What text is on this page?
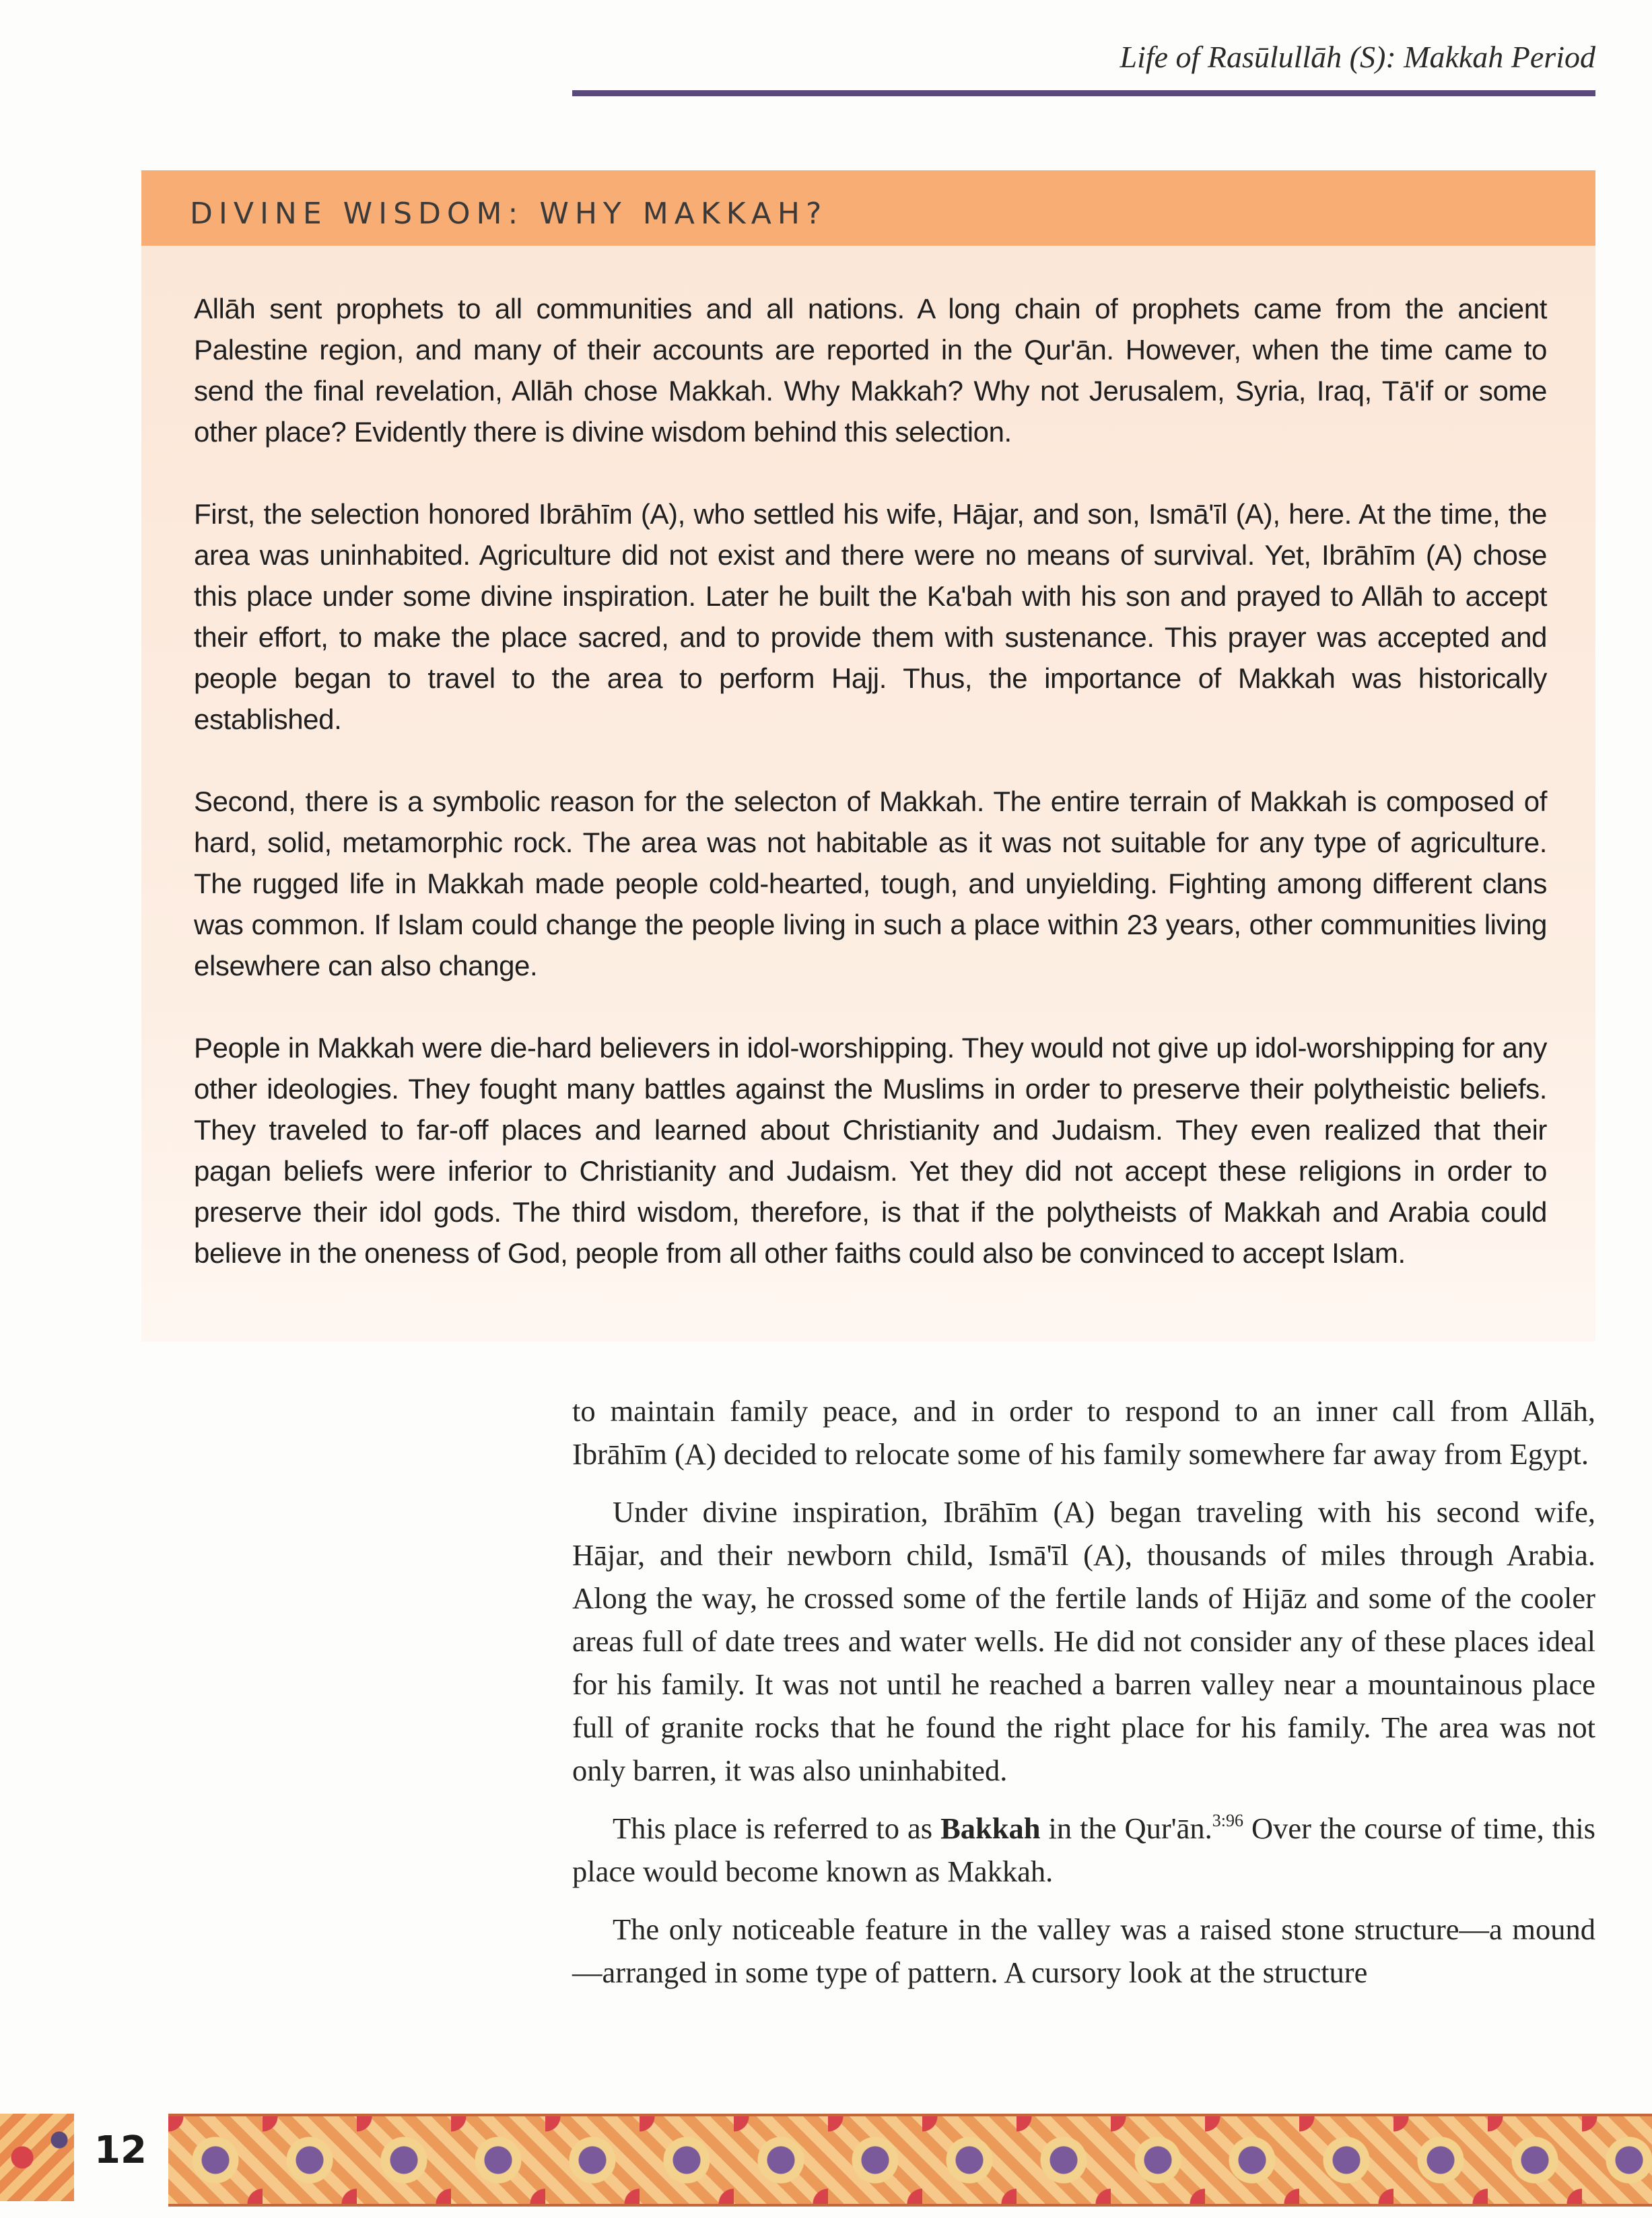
Life of Rasūlullāh (S): Makkah Period
DIVINE WISDOM: WHY MAKKAH?

Allāh sent prophets to all communities and all nations. A long chain of prophets came from the ancient Palestine region, and many of their accounts are reported in the Qur'ān. However, when the time came to send the final revelation, Allāh chose Makkah. Why Makkah? Why not Jerusalem, Syria, Iraq, Tā'if or some other place? Evidently there is divine wisdom behind this selection.

First, the selection honored Ibrāhīm (A), who settled his wife, Hājar, and son, Ismā'īl (A), here. At the time, the area was uninhabited. Agriculture did not exist and there were no means of survival. Yet, Ibrāhīm (A) chose this place under some divine inspiration. Later he built the Ka'bah with his son and prayed to Allāh to accept their effort, to make the place sacred, and to provide them with sustenance. This prayer was accepted and people began to travel to the area to perform Hajj. Thus, the importance of Makkah was historically established.

Second, there is a symbolic reason for the selecton of Makkah. The entire terrain of Makkah is composed of hard, solid, metamorphic rock. The area was not habitable as it was not suitable for any type of agriculture. The rugged life in Makkah made people cold-hearted, tough, and unyielding. Fighting among different clans was common. If Islam could change the people living in such a place within 23 years, other communities living elsewhere can also change.

People in Makkah were die-hard believers in idol-worshipping. They would not give up idol-worshipping for any other ideologies. They fought many battles against the Muslims in order to preserve their polytheistic beliefs. They traveled to far-off places and learned about Christianity and Judaism. They even realized that their pagan beliefs were inferior to Christianity and Judaism. Yet they did not accept these religions in order to preserve their idol gods. The third wisdom, therefore, is that if the polytheists of Makkah and Arabia could believe in the oneness of God, people from all other faiths could also be convinced to accept Islam.

to maintain family peace, and in order to respond to an inner call from Allāh, Ibrāhīm (A) decided to relocate some of his family somewhere far away from Egypt.

Under divine inspiration, Ibrāhīm (A) began traveling with his second wife, Hājar, and their newborn child, Ismā'īl (A), thousands of miles through Arabia. Along the way, he crossed some of the fertile lands of Hijāz and some of the cooler areas full of date trees and water wells. He did not consider any of these places ideal for his family. It was not until he reached a barren valley near a mountainous place full of granite rocks that he found the right place for his family. The area was not only barren, it was also uninhabited.

This place is referred to as Bakkah in the Qur'ān.$^{3:96}$ Over the course of time, this place would become known as Makkah.

The only noticeable feature in the valley was a raised stone structure—a mound—arranged in some type of pattern. A cursory look at the structure

12
